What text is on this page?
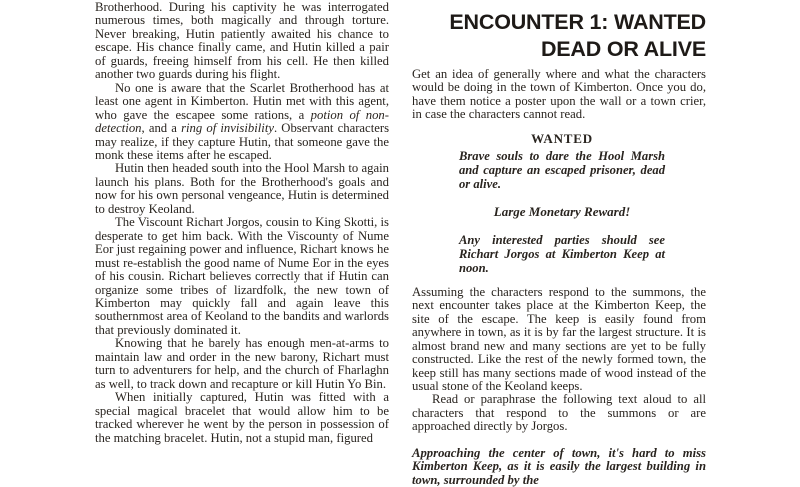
Brotherhood. During his captivity he was interrogated numerous times, both magically and through torture. Never breaking, Hutin patiently awaited his chance to escape. His chance finally came, and Hutin killed a pair of guards, freeing himself from his cell. He then killed another two guards during his flight.

No one is aware that the Scarlet Brotherhood has at least one agent in Kimberton. Hutin met with this agent, who gave the escapee some rations, a potion of non-detection, and a ring of invisibility. Observant characters may realize, if they capture Hutin, that someone gave the monk these items after he escaped.

Hutin then headed south into the Hool Marsh to again launch his plans. Both for the Brotherhood's goals and now for his own personal vengeance, Hutin is determined to destroy Keoland.

The Viscount Richart Jorgos, cousin to King Skotti, is desperate to get him back. With the Viscounty of Nume Eor just regaining power and influence, Richart knows he must re-establish the good name of Nume Eor in the eyes of his cousin. Richart believes correctly that if Hutin can organize some tribes of lizardfolk, the new town of Kimberton may quickly fall and again leave this southernmost area of Keoland to the bandits and warlords that previously dominated it.

Knowing that he barely has enough men-at-arms to maintain law and order in the new barony, Richart must turn to adventurers for help, and the church of Fharlaghn as well, to track down and recapture or kill Hutin Yo Bin.

When initially captured, Hutin was fitted with a special magical bracelet that would allow him to be tracked wherever he went by the person in possession of the matching bracelet. Hutin, not a stupid man, figured

ENCOUNTER 1: WANTED
DEAD OR ALIVE

Get an idea of generally where and what the characters would be doing in the town of Kimberton. Once you do, have them notice a poster upon the wall or a town crier, in case the characters cannot read.

WANTED

Brave souls to dare the Hool Marsh and capture an escaped prisoner, dead or alive.

Large Monetary Reward!

Any interested parties should see Richart Jorgos at Kimberton Keep at noon.

Assuming the characters respond to the summons, the next encounter takes place at the Kimberton Keep, the site of the escape. The keep is easily found from anywhere in town, as it is by far the largest structure. It is almost brand new and many sections are yet to be fully constructed. Like the rest of the newly formed town, the keep still has many sections made of wood instead of the usual stone of the Keoland keeps.

Read or paraphrase the following text aloud to all characters that respond to the summons or are approached directly by Jorgos.

Approaching the center of town, it's hard to miss Kimberton Keep, as it is easily the largest building in town, surrounded by the
